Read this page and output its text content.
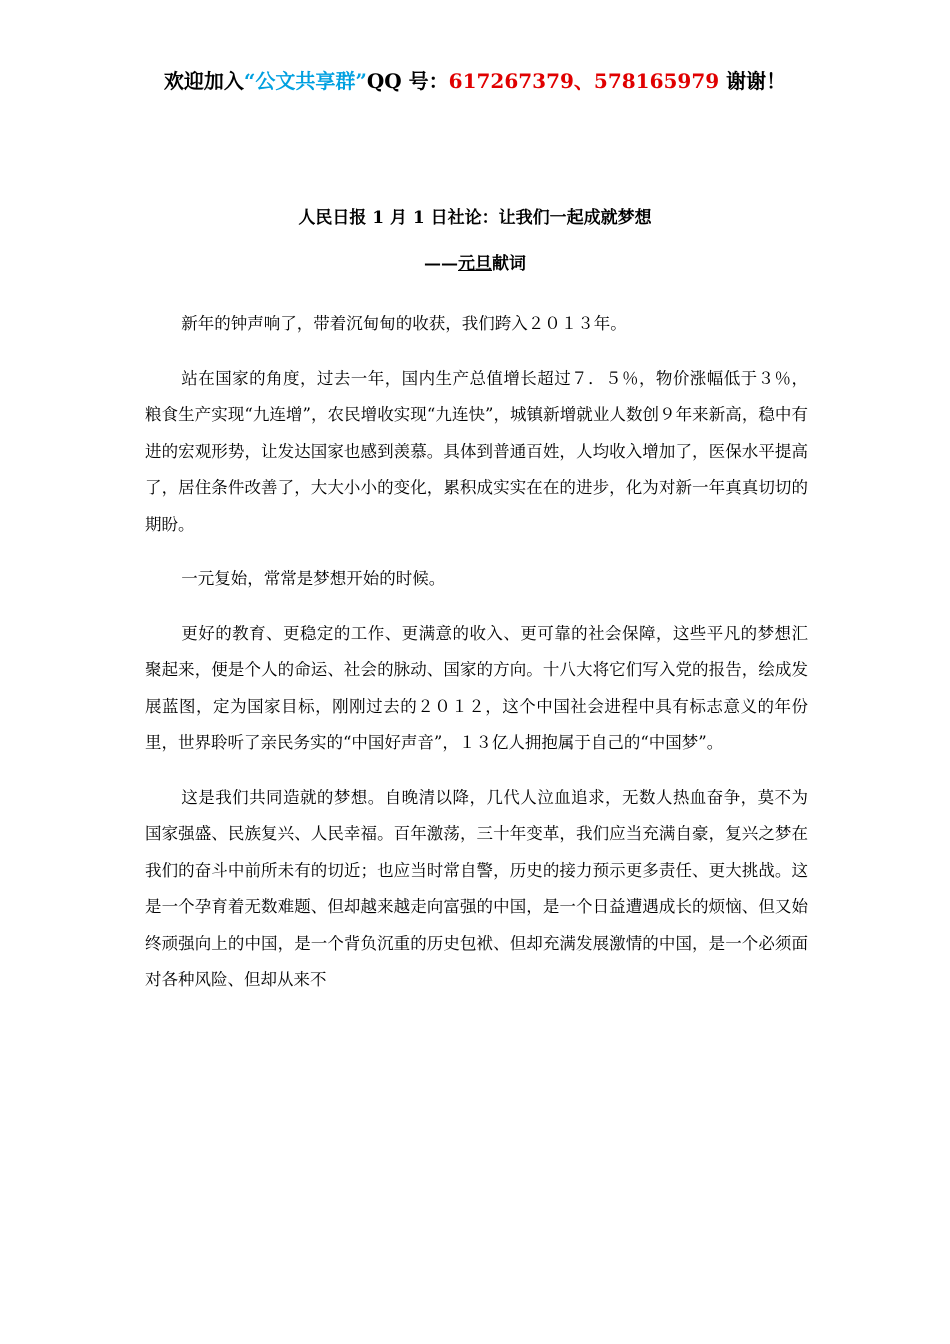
欢迎加入“公文共享群”QQ 号：617267379、578165979 谢谢！
人民日报 1 月 1 日社论：让我们一起成就梦想
——元旦献词

新年的钟声响了，带着沉甸甸的收获，我们跨入２０１３年。

站在国家的角度，过去一年，国内生产总值增长超过７．５％，物价涨幅低于３％，粮食生产实现“九连增”，农民增收实现“九连快”，城镇新增就业人数创９年来新高，稳中有进的宏观形势，让发达国家也感到羡慕。具体到普通百姓，人均收入增加了，医保水平提高了，居住条件改善了，大大小小的变化，累积成实实在在的进步，化为对新一年真真切切的期盼。

一元复始，常常是梦想开始的时候。

更好的教育、更稳定的工作、更满意的收入、更可靠的社会保障，这些平凡的梦想汇聚起来，便是个人的命运、社会的脉动、国家的方向。十八大将它们写入党的报告，绘成发展蓝图，定为国家目标，刚刚过去的２０１２，这个中国社会进程中具有标志意义的年份里，世界聆听了亲民务实的“中国好声音”，１３亿人拥抱属于自己的“中国梦”。

这是我们共同造就的梦想。自晚清以降，几代人泣血追求，无数人热血奋争，莫不为国家强盛、民族复兴、人民幸福。百年激荡，三十年变革，我们应当充满自豪，复兴之梦在我们的奋斗中前所未有的切近；也应当时常自警，历史的接力预示更多责任、更大挑战。这是一个孕育着无数难题、但却越来越走向富强的中国，是一个日益遭遇成长的烦恼、但又始终顽强向上的中国，是一个背负沉重的历史包袱、但却充满发展激情的中国，是一个必须面对各种风险、但却从来不
